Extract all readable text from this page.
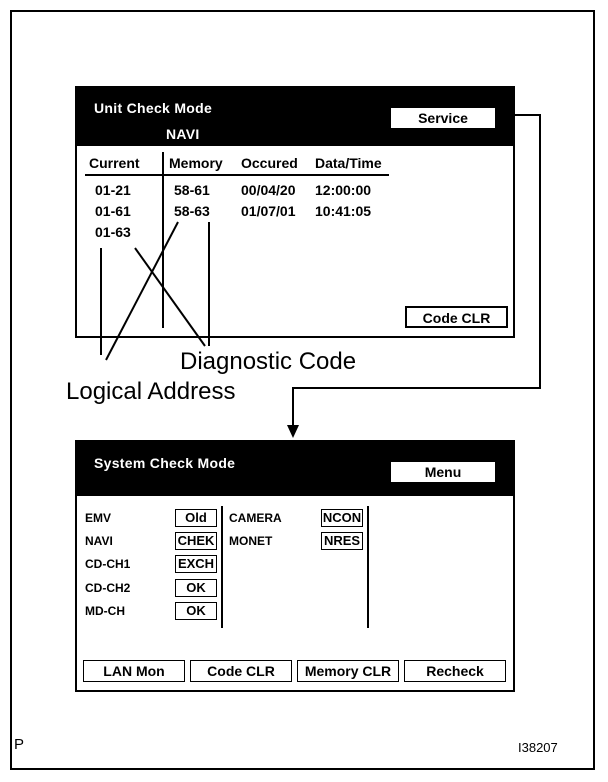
Unit Check Mode
NAVI
Service
Current Memory Occured Data/Time
01-21	58-61 00/04/20 12:00:00
01-61	58-63 01/07/01 10:41:05
01-63
Code CLR
Diagnostic Code
Logical Address
System Check Mode
Menu
EMV	Old
NAVI	CHEK
CD-CH1	EXCH
CD-CH2	OK
MD-CH	OK
CAMERA	NCON
MONET	NRES
LAN Mon	Code CLR	Memory CLR	Recheck
P	I38207
